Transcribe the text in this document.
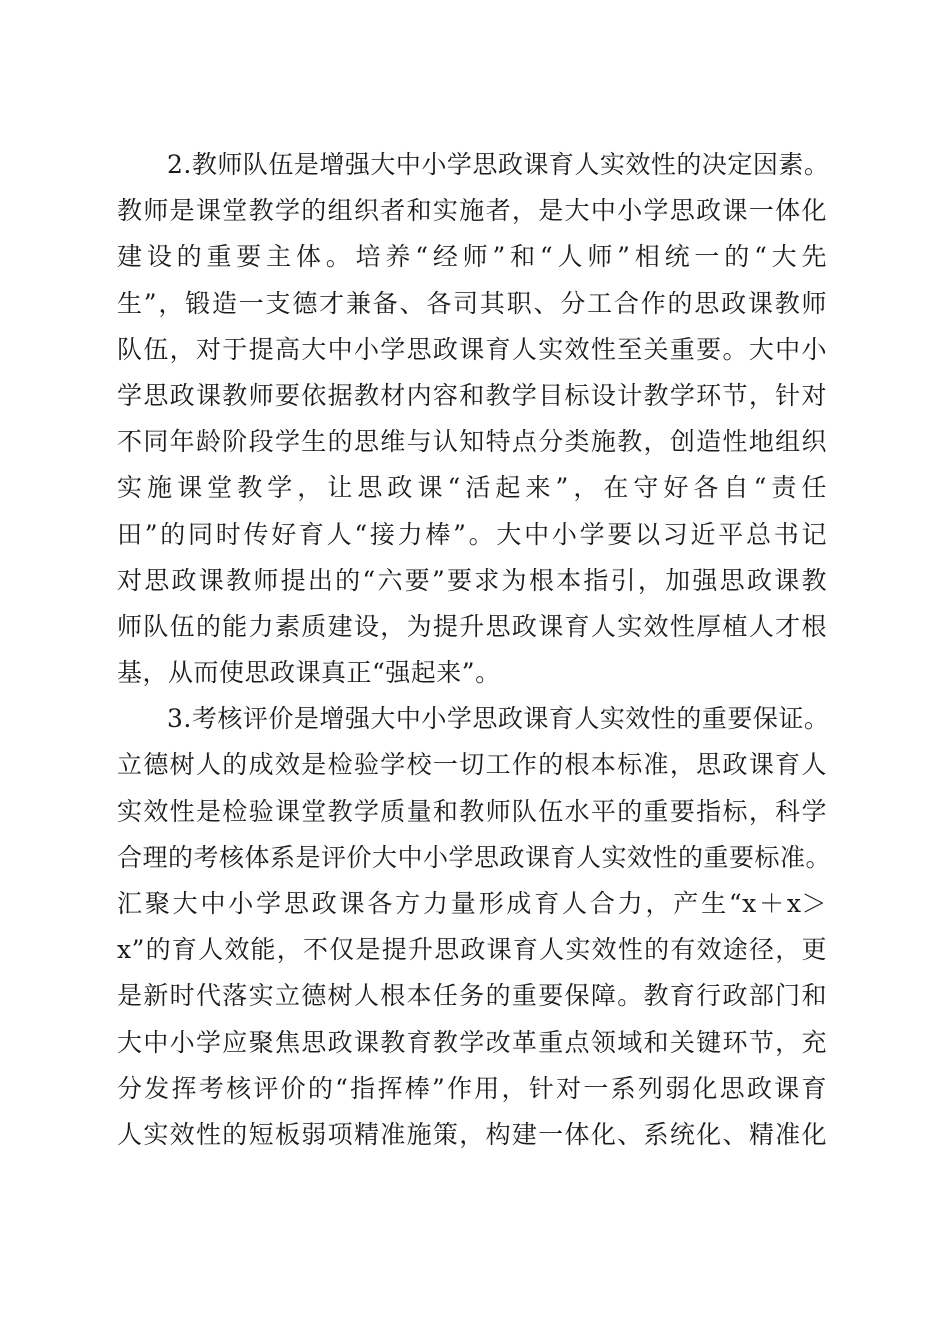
2.教师队伍是增强大中小学思政课育人实效性的决定因素。
教师是课堂教学的组织者和实施者，是大中小学思政课一体化
建设的重要主体。培养“经师”和“人师”相统一的“大先
生”，锻造一支德才兼备、各司其职、分工合作的思政课教师
队伍，对于提高大中小学思政课育人实效性至关重要。大中小
学思政课教师要依据教材内容和教学目标设计教学环节，针对
不同年龄阶段学生的思维与认知特点分类施教，创造性地组织
实施课堂教学，让思政课“活起来”，在守好各自“责任
田”的同时传好育人“接力棒”。大中小学要以习近平总书记
对思政课教师提出的“六要”要求为根本指引，加强思政课教
师队伍的能力素质建设，为提升思政课育人实效性厚植人才根
基，从而使思政课真正“强起来”。
3.考核评价是增强大中小学思政课育人实效性的重要保证。
立德树人的成效是检验学校一切工作的根本标准，思政课育人
实效性是检验课堂教学质量和教师队伍水平的重要指标，科学
合理的考核体系是评价大中小学思政课育人实效性的重要标准。
汇聚大中小学思政课各方力量形成育人合力，产生“x＋x＞
x”的育人效能，不仅是提升思政课育人实效性的有效途径，更
是新时代落实立德树人根本任务的重要保障。教育行政部门和
大中小学应聚焦思政课教育教学改革重点领域和关键环节，充
分发挥考核评价的“指挥棒”作用，针对一系列弱化思政课育
人实效性的短板弱项精准施策，构建一体化、系统化、精准化
